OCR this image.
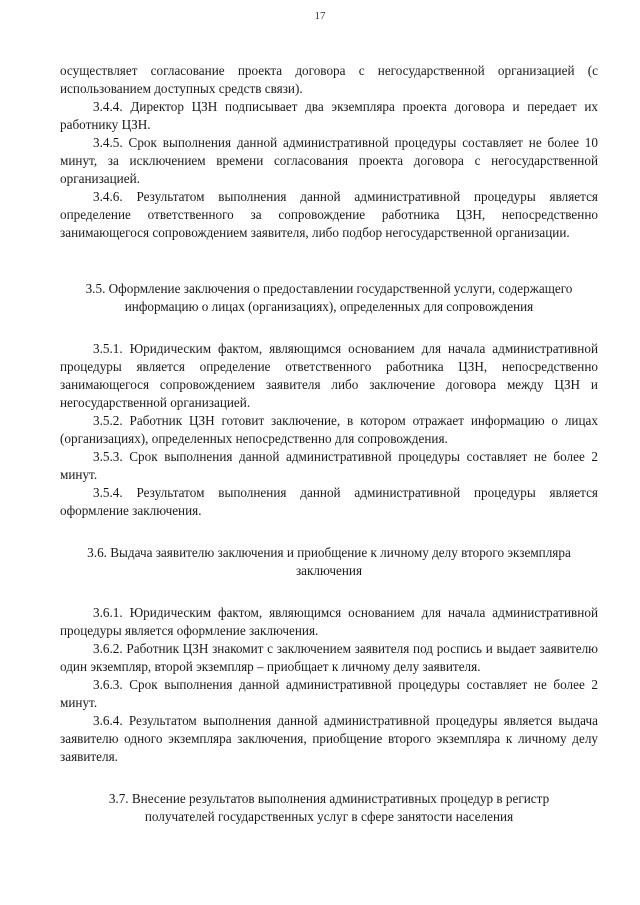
17

осуществляет согласование проекта договора с негосударственной организацией (с использованием доступных средств связи).

3.4.4. Директор ЦЗН подписывает два экземпляра проекта договора и передает их работнику ЦЗН.

3.4.5. Срок выполнения данной административной процедуры составляет не более 10 минут, за исключением времени согласования проекта договора с негосударственной организацией.

3.4.6. Результатом выполнения данной административной процедуры является определение ответственного за сопровождение работника ЦЗН, непосредственно занимающегося сопровождением заявителя, либо подбор негосударственной организации.

3.5. Оформление заключения о предоставлении государственной услуги, содержащего информацию о лицах (организациях), определенных для сопровождения

3.5.1. Юридическим фактом, являющимся основанием для начала административной процедуры является определение ответственного работника ЦЗН, непосредственно занимающегося сопровождением заявителя либо заключение договора между ЦЗН и негосударственной организацией.

3.5.2. Работник ЦЗН готовит заключение, в котором отражает информацию о лицах (организациях), определенных непосредственно для сопровождения.

3.5.3. Срок выполнения данной административной процедуры составляет не более 2 минут.

3.5.4. Результатом выполнения данной административной процедуры является оформление заключения.

3.6. Выдача заявителю заключения и приобщение к личному делу второго экземпляра заключения

3.6.1. Юридическим фактом, являющимся основанием для начала административной процедуры является оформление заключения.

3.6.2. Работник ЦЗН знакомит с заключением заявителя под роспись и выдает заявителю один экземпляр, второй экземпляр – приобщает к личному делу заявителя.

3.6.3. Срок выполнения данной административной процедуры составляет не более 2 минут.

3.6.4. Результатом выполнения данной административной процедуры является выдача заявителю одного экземпляра заключения, приобщение второго экземпляра к личному делу заявителя.

3.7. Внесение результатов выполнения административных процедур в регистр получателей государственных услуг в сфере занятости населения
